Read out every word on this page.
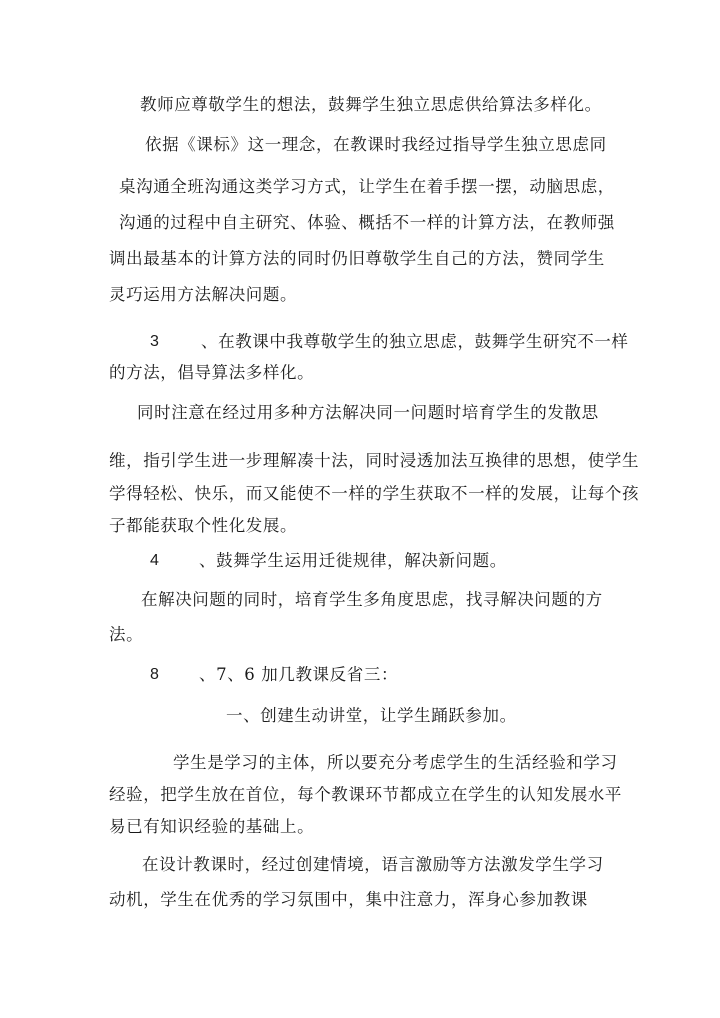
教师应尊敬学生的想法，鼓舞学生独立思虑供给算法多样化。
依据《课标》这一理念，在教课时我经过指导学生独立思虑同
桌沟通全班沟通这类学习方式，让学生在着手摆一摆，动脑思虑，
沟通的过程中自主研究、体验、概括不一样的计算方法，在教师强
调出最基本的计算方法的同时仍旧尊敬学生自己的方法，赞同学生
灵巧运用方法解决问题。
3	、在教课中我尊敬学生的独立思虑，鼓舞学生研究不一样
的方法，倡导算法多样化。
同时注意在经过用多种方法解决同一问题时培育学生的发散思
维，指引学生进一步理解凑十法，同时浸透加法互换律的思想，使学生
学得轻松、快乐，而又能使不一样的学生获取不一样的发展，让每个孩
子都能获取个性化发展。
4 、鼓舞学生运用迁徙规律，解决新问题。
在解决问题的同时，培育学生多角度思虑，找寻解决问题的方
法。
8 、7、6 加几教课反省三：
一、创建生动讲堂，让学生踊跃参加。
学生是学习的主体，所以要充分考虑学生的生活经验和学习
经验，把学生放在首位，每个教课环节都成立在学生的认知发展水平
易已有知识经验的基础上。
在设计教课时，经过创建情境，语言激励等方法激发学生学习
动机，学生在优秀的学习氛围中，集中注意力，浑身心参加教课
